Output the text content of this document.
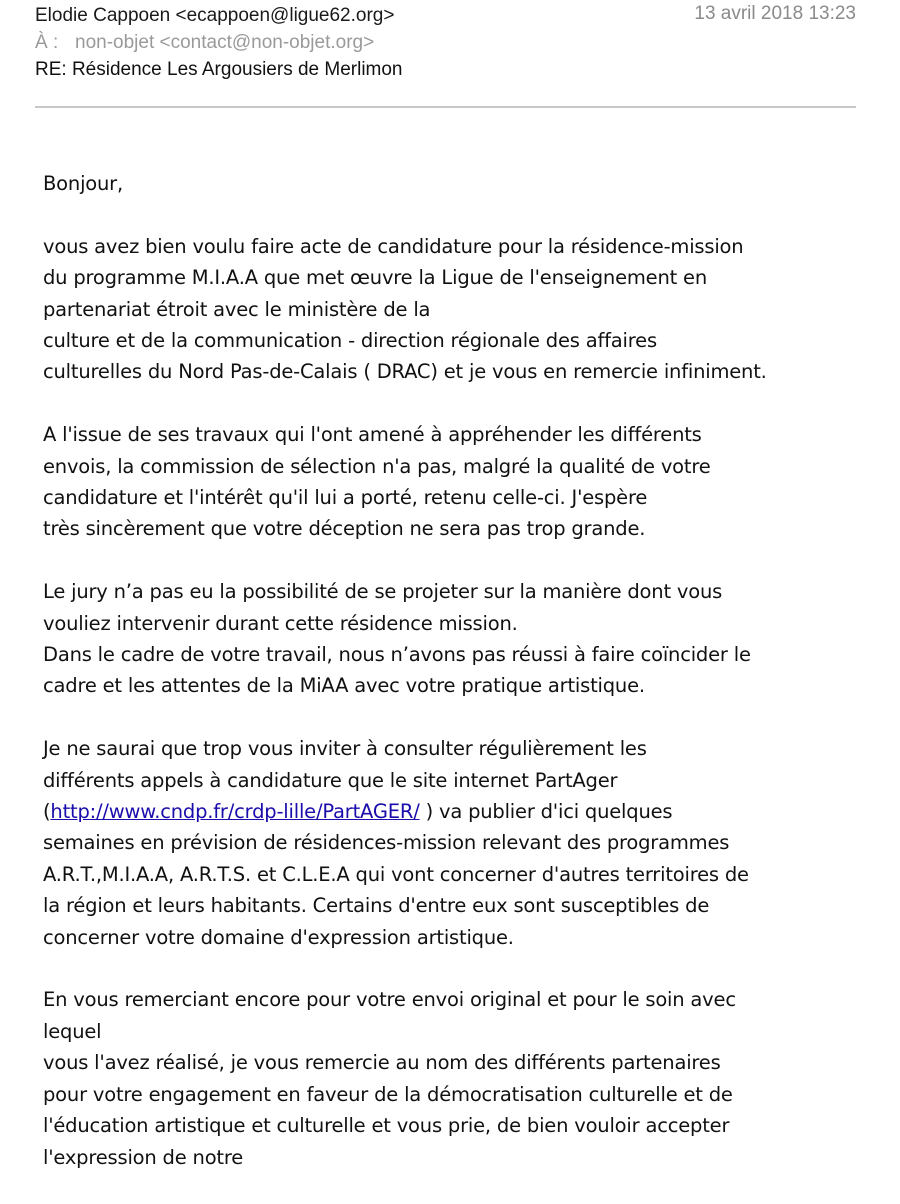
Elodie Cappoen <ecappoen@ligue62.org>
À : non-objet <contact@non-objet.org>
RE: Résidence Les Argousiers de Merlimon
13 avril 2018 13:23

Bonjour,

vous avez bien voulu faire acte de candidature pour la résidence-mission
du programme M.I.A.A que met œuvre la Ligue de l'enseignement en
partenariat étroit avec le ministère de la
culture et de la communication - direction régionale des affaires
culturelles du Nord Pas-de-Calais ( DRAC) et je vous en remercie infiniment.

A l'issue de ses travaux qui l'ont amené à appréhender les différents
envois, la commission de sélection n'a pas, malgré la qualité de votre
candidature et l'intérêt qu'il lui a porté, retenu celle-ci. J'espère
très sincèrement que votre déception ne sera pas trop grande.

Le jury n’a pas eu la possibilité de se projeter sur la manière dont vous
vouliez intervenir durant cette résidence mission.
Dans le cadre de votre travail, nous n’avons pas réussi à faire coïncider le
cadre et les attentes de la MiAA avec votre pratique artistique.

Je ne saurai que trop vous inviter à consulter régulièrement les
différents appels à candidature que le site internet PartAger
(http://www.cndp.fr/crdp-lille/PartAGER/ ) va publier d'ici quelques
semaines en prévision de résidences-mission relevant des programmes
A.R.T.,M.I.A.A, A.R.T.S. et C.L.E.A qui vont concerner d'autres territoires de
la région et leurs habitants. Certains d'entre eux sont susceptibles de
concerner votre domaine d'expression artistique.

En vous remerciant encore pour votre envoi original et pour le soin avec
lequel
vous l'avez réalisé, je vous remercie au nom des différents partenaires
pour votre engagement en faveur de la démocratisation culturelle et de
l'éducation artistique et culturelle et vous prie, de bien vouloir accepter
l'expression de notre
